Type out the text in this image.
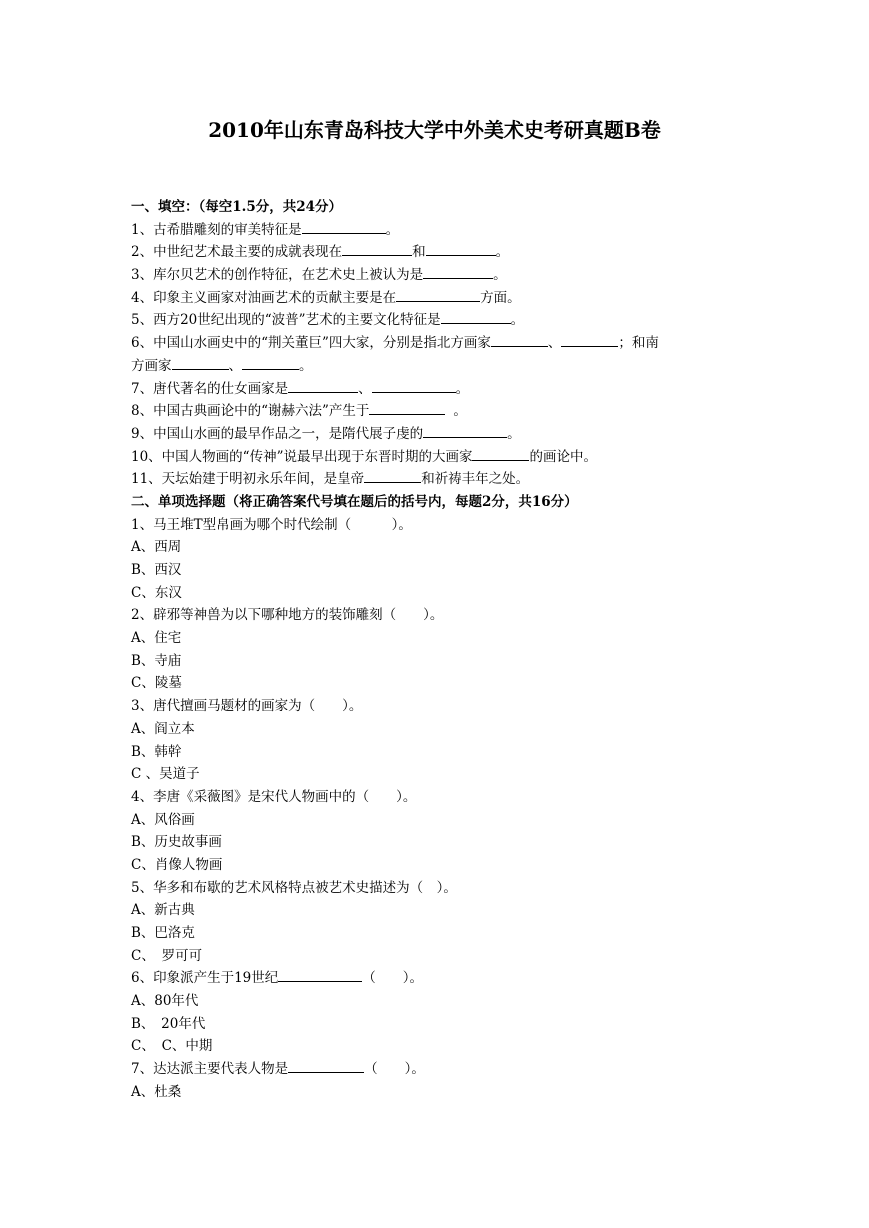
2010年山东青岛科技大学中外美术史考研真题B卷
一、填空：（每空1.5分，共24分）
1、古希腊雕刻的审美特征是	。
2、中世纪艺术最主要的成就表现在	和	。
3、库尔贝艺术的创作特征，在艺术史上被认为是	。
4、印象主义画家对油画艺术的贡献主要是在	方面。
5、西方20世纪出现的“波普”艺术的主要文化特征是	。
6、中国山水画史中的“荆关董巨”四大家，分别是指北方画家	、	；和南
方画家	、	。
7、唐代著名的仕女画家是	、	。
8、中国古典画论中的“谢赫六法”产生于	。
9、中国山水画的最早作品之一，是隋代展子虔的	。
10、中国人物画的“传神”说最早出现于东晋时期的大画家	的画论中。
11、天坛始建于明初永乐年间，是皇帝	和祈祷丰年之处。
二、单项选择题（将正确答案代号填在题后的括号内，每题2分，共16分）
1、马王堆T型帛画为哪个时代绘制（　　　）。
A、西周
B、西汉
C、东汉
2、辟邪等神兽为以下哪种地方的装饰雕刻（　　）。
A、住宅
B、寺庙
C、陵墓
3、唐代擅画马题材的画家为（　　）。
A、阎立本
B、韩幹
C 、吴道子
4、李唐《采薇图》是宋代人物画中的（　　）。
A、风俗画
B、历史故事画
C、肖像人物画
5、华多和布歇的艺术风格特点被艺术史描述为（　）。
A、新古典
B、巴洛克
C、　罗可可
6、印象派产生于19世纪	（　　）。
A、80年代
B、　20年代
C、　C、中期
7、达达派主要代表人物是	（　　）。
A、杜桑
